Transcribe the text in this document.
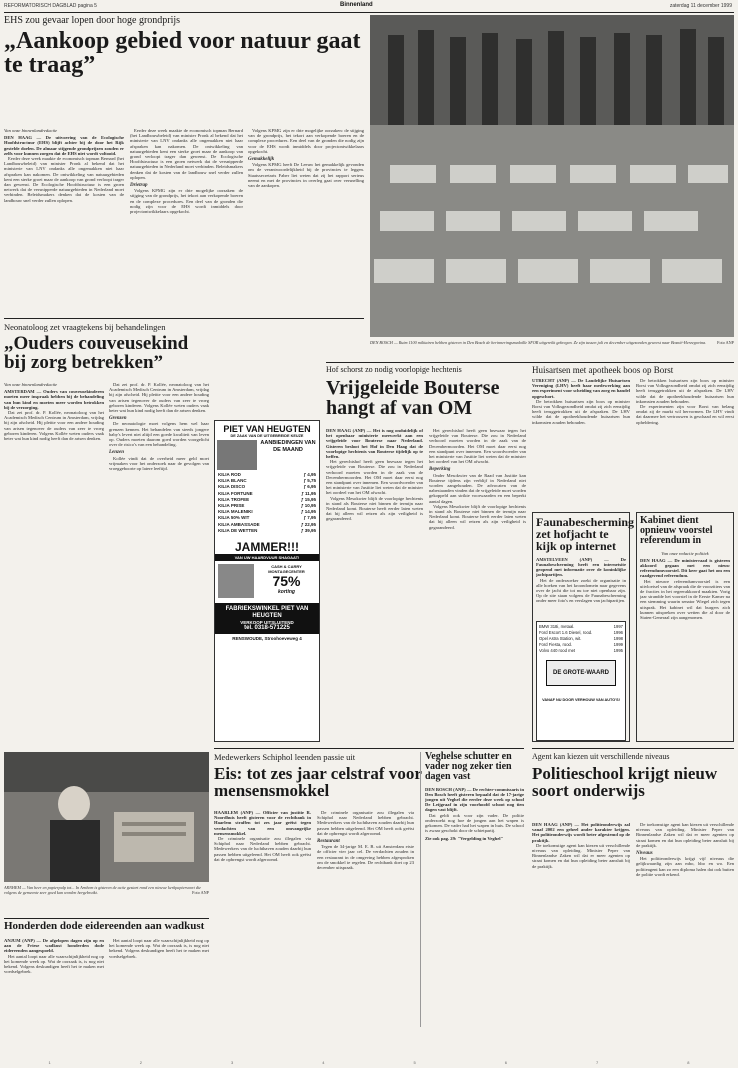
REFORMATORISCH DAGBLAD pagina 5	Binnenland	zaterdag 11 december 1999
EHS zou gevaar lopen door hoge grondprijs
„Aankoop gebied voor natuur gaat te traag”
Van onze binnenlandredactie
DEN HAAG — De uitvoering van de Ecologische Hoofdstructuur (EHS) blijft achter bij de door het Rijk gestelde doelen. De almaar stijgende grondprijzen zouden er zelfs voor kunnen zorgen dat de EHS niet wordt voltooid.

Eerder deze week maakte de economisch topman Bernard (het Landbouwbeleid) van minister Pronk al bekend dat het ministerie van LNV ondanks alle ongemakken niet haar afspraken kan nakomen. De ontwikkeling van natuurgebieden kent een sterke groei maar de aankoop van grond verloopt trager dan gewenst. De Ecologische Hoofdstructuur is een groen netwerk dat de versnipperde natuurgebieden in Nederland moet verbinden. Beleidsmakers denken dat de kosten van de landbouw snel verder zullen oplopen.

Eerder deze week maakte de economisch topman Bernard (het Landbouwbeleid) van minister Pronk al bekend dat het ministerie van LNV ondanks alle ongemakken niet haar afspraken kan nakomen. De ontwikkeling van natuurgebieden kent een sterke groei maar de aankoop van grond verloopt trager dan gewenst. De Ecologische Hoofdstructuur is een groen netwerk dat de versnipperde natuurgebieden in Nederland moet verbinden. Beleidsmakers denken dat de kosten van de landbouw snel verder zullen oplopen.

Drietrap

Volgens KPMG zijn er drie mogelijke oorzaken: de stijging van de grondprijs, het tekort aan verkopende boeren en de complexe procedures. Een deel van de gronden die nodig zijn voor de EHS wordt inmiddels door projectontwikkelaars opgekocht.

Volgens KPMG zijn er drie mogelijke oorzaken: de stijging van de grondprijs, het tekort aan verkopende boeren en de complexe procedures. Een deel van de gronden die nodig zijn voor de EHS wordt inmiddels door projectontwikkelaars opgekocht.

Gemakkelijk

Volgens KPMG heeft De Leeuw het gemakkelijk gevonden om de verantwoordelijkheid bij de provincies te leggen. Staatssecretaris Faber liet weten dat zij het rapport serieus neemt en met de provincies in overleg gaat over versnelling van de aankopen.

DEN BOSCH — Ruim 1100 militairen hebben gisteren in Den Bosch de herinneringsmedaille SFOR uitgereikt gekregen. Ze zijn tussen juli en december uitgezonden geweest naar Bosnië-Herzegovina.	Foto ANP
Neonatoloog zet vraagtekens bij behandelingen
„Ouders couveusekind bij zorg betrekken”
Van onze binnenlandredactie
AMSTERDAM — Ouders van couveusekinderen moeten meer inspraak hebben bij de behandeling van hun kind en moeten meer worden betrokken bij de verzorging.

Dat zei prof. dr. P. Kollée, neonatoloog van het Academisch Medisch Centrum in Amsterdam, vrijdag bij zijn afscheid. Hij pleitte voor een andere houding van artsen tegenover de ouders van zeer te vroeg geboren kinderen. Volgens Kollée weten ouders vaak beter wat hun kind nodig heeft dan de artsen denken.

Dat zei prof. dr. P. Kollée, neonatoloog van het Academisch Medisch Centrum in Amsterdam, vrijdag bij zijn afscheid. Hij pleitte voor een andere houding van artsen tegenover de ouders van zeer te vroeg geboren kinderen. Volgens Kollée weten ouders vaak beter wat hun kind nodig heeft dan de artsen denken.

Grenzen

De neonatologie moet volgens hem wel haar grenzen kennen. Het behandelen van steeds jongere baby's levert niet altijd een goede kwaliteit van leven op. Ouders moeten daarom goed worden voorgelicht over de risico's van een behandeling.

Lenzen

Kollée vindt dat de overheid meer geld moet vrijmaken voor het onderzoek naar de gevolgen van vroeggeboorte op latere leeftijd.

ARNHEM — Van heer en papierpulp tot... In Arnhem is gisteren de actie gestart rond een nieuwe kerkpapiersoort die volgens de gemeente zeer goed kan worden hergebruikt.	Foto ANP
Honderden dode eidereenden aan wadkust
ANJUM (ANP) — De afgelopen dagen zijn op en aan de Friese wadkust honderden dode eidereenden aangespoeld.

Het aantal loopt naar alle waarschijnlijkheid nog op het komende week op. Wat de oorzaak is, is nog niet bekend. Volgens deskundigen heeft het te maken met voedselgebrek.

Het aantal loopt naar alle waarschijnlijkheid nog op het komende week op. Wat de oorzaak is, is nog niet bekend. Volgens deskundigen heeft het te maken met voedselgebrek.

PIET VAN HEUGTEN
DE ZAAK VAN DE UITGEBREIDE KEUZE
AANBIEDINGEN VAN DE MAAND
KILIA ROD	ƒ 4,95
KILIA BLANC	ƒ 5,75
KILIA DISCO	ƒ 6,95
KILIA FORTUNE	ƒ 11,95
KILIA TROFEE	ƒ 15,95
KILIA PRISE	ƒ 10,95
KILIA MALENIKI	ƒ 14,95
KILIA 50% WIT	ƒ 7,95
KILIA AMBASSADE	ƒ 22,95
KILIA DE WETTEN	ƒ 39,95
JAMMER!!!
VAN UW HAARDVUUR SHAGAAT!
CASH & CARRY MONTAGECENTER
75%
korting
FABRIEKSWINKEL PIET VAN HEUGTEN
VERKOOP UITSLUITEND
tel. 0318-571225
RENSWOUDE, Stroohoeveweg 4
Hof schorst zo nodig voorlopige hechtenis
Vrijgeleide Bouterse hangt af van OM
DEN HAAG (ANP) — Het is nog onduidelijk of het openbaar ministerie meewerkt aan een vrijgeleide voor Bouterse naar Nederland. Gisteren besloot het Hof in Den Haag dat de voorlopige hechtenis van Bouterse tijdelijk op te heffen.

Het gerechtshof heeft geen bezwaar tegen het vrijgeleide van Bouterse. Die zou in Nederland verhoord moeten worden in de zaak van de Decembermoorden. Het OM moet daar eerst nog een standpunt over innemen. Een woordvoerder van het ministerie van Justitie liet weten dat de minister het oordeel van het OM afwacht.

Volgens Mesokwier blijft de voorlopige hechtenis in stand als Bouterse niet binnen de termijn naar Nederland komt. Bouterse heeft eerder laten weten dat hij alleen wil reizen als zijn veiligheid is gegarandeerd.

Het gerechtshof heeft geen bezwaar tegen het vrijgeleide van Bouterse. Die zou in Nederland verhoord moeten worden in de zaak van de Decembermoorden. Het OM moet daar eerst nog een standpunt over innemen. Een woordvoerder van het ministerie van Justitie liet weten dat de minister het oordeel van het OM afwacht.

Beperking

Onder Mesokwier van de Raad van Justitie kan Bouterse tijdens zijn verblijf in Nederland niet worden aangehouden. De advocaten van de nabestaanden vinden dat de vrijgeleide moet worden gekoppeld aan strikte voorwaarden en een beperkt aantal dagen.

Volgens Mesokwier blijft de voorlopige hechtenis in stand als Bouterse niet binnen de termijn naar Nederland komt. Bouterse heeft eerder laten weten dat hij alleen wil reizen als zijn veiligheid is gegarandeerd.

Huisartsen met apotheek boos op Borst
UTRECHT (ANP) — De Landelijke Huisartsen Vereniging (LHV) heeft haar medewerking aan een experiment voor scheiding van zorg en handel opgeschort.

De betrokken huisartsen zijn boos op minister Borst van Volksgezondheid omdat zij zich eenzijdig heeft teruggetrokken uit de afspraken. De LHV wilde dat de apotheekhoudende huisartsen hun inkomsten zouden behouden.

De betrokken huisartsen zijn boos op minister Borst van Volksgezondheid omdat zij zich eenzijdig heeft teruggetrokken uit de afspraken. De LHV wilde dat de apotheekhoudende huisartsen hun inkomsten zouden behouden.

De experimenten zijn voor Borst van belang omdat zij de markt wil hervormen. De LHV vindt dat daarmee het vertrouwen is geschaad en wil eerst opheldering.

Faunabescherming zet hofjacht te kijk op internet
AMSTELVEEN (ANP) — De Faunabescherming heeft een internetsite geopend met informatie over de koninklijke jachtpartijen.

Het de onderzoeker zoekt de organisatie in alle hoeken van het kroondomein naar gegevens over de jacht die tot nu toe niet openbaar zijn. Op de site staan volgens de Faunabescherming onder meer foto's en verslagen van jachtpartijen.

BMW 318i, metaal.	1997
Ford Escort 1.6 Diesel, rood.	1996
Opel Astra Station, wit.	1998
Ford Fiesta, rood.	1999
Volvo 440 rood met	1995
DE GROTE-WAARD
VANAF NU DOOR VERHOUW VAN AUTO'S!
Kabinet dient opnieuw voorstel referendum in
Van onze redactie politiek
DEN HAAG — De ministerraad is gisteren akkoord gegaan met een nieuw referendumvoorstel. Dit keer gaat het om een raadgevend referendum.

Het nieuwe referendumvoorstel is een uitvloeisel van de afspraak die de voorzitters van de fracties in het regeerakkoord maakten. Vorig jaar strandde het voorstel in de Eerste Kamer na een stemming waarin senator Wiegel zich tegen uitsprak. Het kabinet wil dat burgers zich kunnen uitspreken over wetten die al door de Staten-Generaal zijn aangenomen.

Medewerkers Schiphol leenden passie uit
Eis: tot zes jaar celstraf voor mensensmokkel
HAARLEM (ANP) — Officier van justitie R. Noordhuis heeft gisteren voor de rechtbank in Haarlem straffen tot zes jaar geëist tegen verdachten van een omvangrijke mensensmokkel.

De criminele organisatie zou illegalen via Schiphol naar Nederland hebben gebracht. Medewerkers van de luchthaven zouden daarbij hun passen hebben uitgeleend. Het OM heeft ook geëist dat de opbrengst wordt afgeroomd.

De criminele organisatie zou illegalen via Schiphol naar Nederland hebben gebracht. Medewerkers van de luchthaven zouden daarbij hun passen hebben uitgeleend. Het OM heeft ook geëist dat de opbrengst wordt afgeroomd.

Restaurant

Tegen de 34-jarige M. E. B. uit Amsterdam eiste de officier vier jaar cel. De verdachten zouden in een restaurant in de omgeving hebben afgesproken om de smokkel te regelen. De rechtbank doet op 23 december uitspraak.

Veghelse schutter en vader nog zeker tien dagen vast
DEN BOSCH (ANP) — De rechter-commissaris in Den Bosch heeft gisteren bepaald dat de 17-jarige jongen uit Veghel die eerder deze week op school De Leijgraaf in zijn voorhoofd schoot nog tien dagen vast blijft.

Dat geldt ook voor zijn vader. De politie onderzoekt nog hoe de jongen aan het wapen is gekomen. De vader had het wapen in huis. De school is zwaar geschokt door de schietpartij.

Zie ook pag. 29: "Vergelding in Veghel"
Agent kan kiezen uit verschillende niveaus
Politieschool krijgt nieuw soort onderwijs
DEN HAAG (ANP) — Het politieonderwijs zal vanaf 2002 een geheel ander karakter krijgen. Het politieonderwijs wordt beter afgestemd op de praktijk.

De toekomstige agent kan kiezen uit verschillende niveaus van opleiding. Minister Peper van Binnenlandse Zaken wil dat er meer agenten op straat komen en dat hun opleiding beter aansluit bij de praktijk.

De toekomstige agent kan kiezen uit verschillende niveaus van opleiding. Minister Peper van Binnenlandse Zaken wil dat er meer agenten op straat komen en dat hun opleiding beter aansluit bij de praktijk.

Niveaus

Het politieonderwijs krijgt vijf niveaus die gelijkwaardig zijn aan mbo, hbo en wo. Een politieagent kan zo een diploma halen dat ook buiten de politie wordt erkend.

1	2	3	4	5	6	7	8
